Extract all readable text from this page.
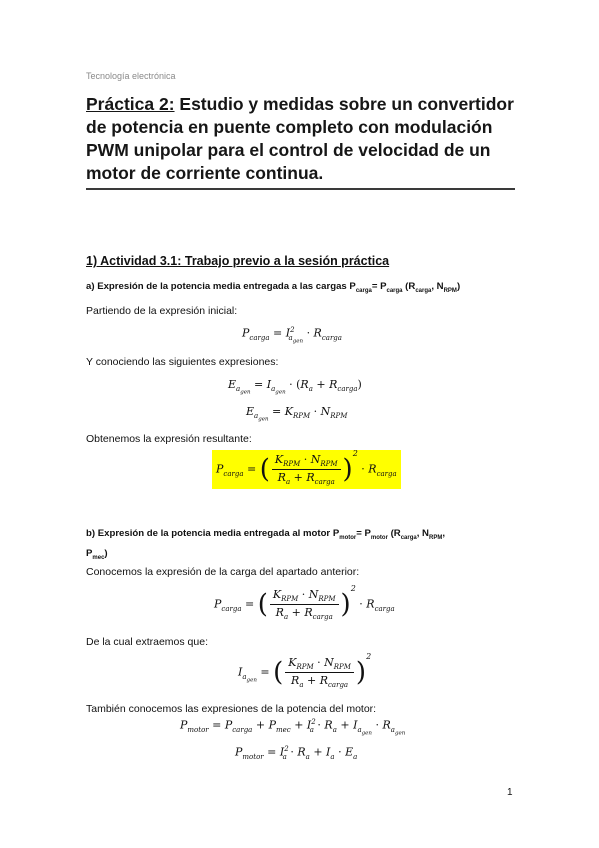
Tecnología electrónica
Práctica 2: Estudio y medidas sobre un convertidor de potencia en puente completo con modulación PWM unipolar para el control de velocidad de un motor de corriente continua.
1) Actividad 3.1: Trabajo previo a la sesión práctica
a) Expresión de la potencia media entregada a las cargas $P_{carga}= P_{carga}$ ($R_{carga}$, $N_{RPM}$)
Partiendo de la expresión inicial:
$P_{carga} = I^2_{a_{gen}} \cdot R_{carga}$
Y conociendo las siguientes expresiones:
$E_{a_{gen}} = I_{a_{gen}} \cdot (R_a + R_{carga})$
$E_{a_{gen}} = K_{RPM} \cdot N_{RPM}$
Obtenemos la expresión resultante:
$P_{carga}$ = ( $\frac{K_{RPM} \cdot N_{RPM}}{R_a + R_{carga}} )^2 \cdot R_{carga}$
b) Expresión de la potencia media entregada al motor $P_{motor}= P_{motor}$ ($R_{carga}$, $N_{RPM}$,
$P_{mec}$)
Conocemos la expresión de la carga del apartado anterior:
$P_{carga}$ = ( $\frac{K_{RPM} \cdot N_{RPM}}{R_a + R_{carga}} )^2 \cdot R_{carga}$
De la cual extraemos que:
$I_{a_{gen}}$ = ( $\frac{K_{RPM} \cdot N_{RPM}}{R_a + R_{carga}} )^2$
También conocemos las expresiones de la potencia del motor:
$P_{motor} = P_{carga} + P_{mec} + I^2_a \cdot R_a + I_{a_{gen}} \cdot R_{a_{gen}}$
$P_{motor} = I^2_a \cdot R_a + I_a \cdot E_a$
1
